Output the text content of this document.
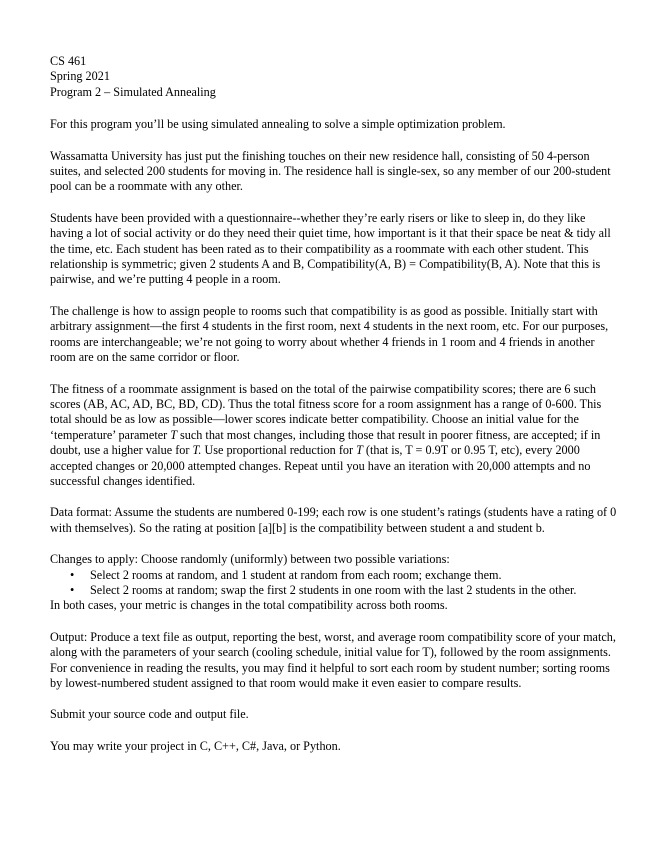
CS 461
Spring 2021
Program 2 – Simulated Annealing

For this program you’ll be using simulated annealing to solve a simple optimization problem.

Wassamatta University has just put the finishing touches on their new residence hall, consisting of 50 4-person suites, and selected 200 students for moving in. The residence hall is single-sex, so any member of our 200-student pool can be a roommate with any other.

Students have been provided with a questionnaire--whether they’re early risers or like to sleep in, do they like having a lot of social activity or do they need their quiet time, how important is it that their space be neat & tidy all the time, etc. Each student has been rated as to their compatibility as a roommate with each other student. This relationship is symmetric; given 2 students A and B, Compatibility(A, B) = Compatibility(B, A). Note that this is pairwise, and we’re putting 4 people in a room.

The challenge is how to assign people to rooms such that compatibility is as good as possible. Initially start with arbitrary assignment—the first 4 students in the first room, next 4 students in the next room, etc. For our purposes, rooms are interchangeable; we’re not going to worry about whether 4 friends in 1 room and 4 friends in another room are on the same corridor or floor.

The fitness of a roommate assignment is based on the total of the pairwise compatibility scores; there are 6 such scores (AB, AC, AD, BC, BD, CD). Thus the total fitness score for a room assignment has a range of 0-600. This total should be as low as possible—lower scores indicate better compatibility. Choose an initial value for the ‘temperature’ parameter T such that most changes, including those that result in poorer fitness, are accepted; if in doubt, use a higher value for T. Use proportional reduction for T (that is, T = 0.9T or 0.95 T, etc), every 2000 accepted changes or 20,000 attempted changes. Repeat until you have an iteration with 20,000 attempts and no successful changes identified.

Data format: Assume the students are numbered 0-199; each row is one student’s ratings (students have a rating of 0 with themselves). So the rating at position [a][b] is the compatibility between student a and student b.

Changes to apply: Choose randomly (uniformly) between two possible variations:
• Select 2 rooms at random, and 1 student at random from each room; exchange them.
• Select 2 rooms at random; swap the first 2 students in one room with the last 2 students in the other.
In both cases, your metric is changes in the total compatibility across both rooms.

Output: Produce a text file as output, reporting the best, worst, and average room compatibility score of your match, along with the parameters of your search (cooling schedule, initial value for T), followed by the room assignments. For convenience in reading the results, you may find it helpful to sort each room by student number; sorting rooms by lowest-numbered student assigned to that room would make it even easier to compare results.

Submit your source code and output file.

You may write your project in C, C++, C#, Java, or Python.
